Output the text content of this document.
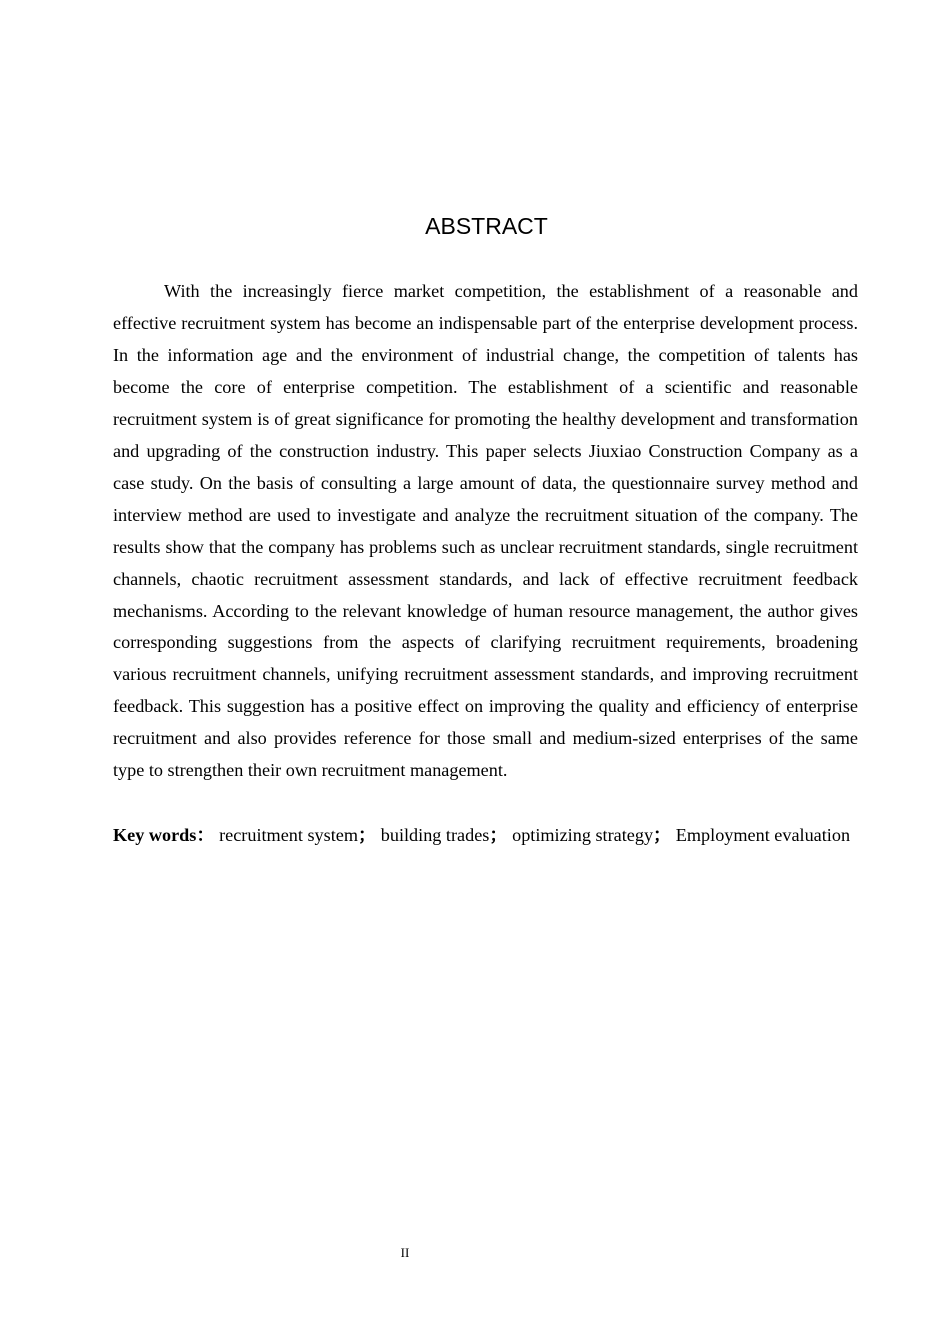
ABSTRACT

With the increasingly fierce market competition, the establishment of a reasonable and effective recruitment system has become an indispensable part of the enterprise development process. In the information age and the environment of industrial change, the competition of talents has become the core of enterprise competition. The establishment of a scientific and reasonable recruitment system is of great significance for promoting the healthy development and transformation and upgrading of the construction industry. This paper selects Jiuxiao Construction Company as a case study. On the basis of consulting a large amount of data, the questionnaire survey method and interview method are used to investigate and analyze the recruitment situation of the company. The results show that the company has problems such as unclear recruitment standards, single recruitment channels, chaotic recruitment assessment standards, and lack of effective recruitment feedback mechanisms. According to the relevant knowledge of human resource management, the author gives corresponding suggestions from the aspects of clarifying recruitment requirements, broadening various recruitment channels, unifying recruitment assessment standards, and improving recruitment feedback. This suggestion has a positive effect on improving the quality and efficiency of enterprise recruitment and also provides reference for those small and medium-sized enterprises of the same type to strengthen their own recruitment management.

Key words： recruitment system； building trades； optimizing strategy； Employment evaluation

II
